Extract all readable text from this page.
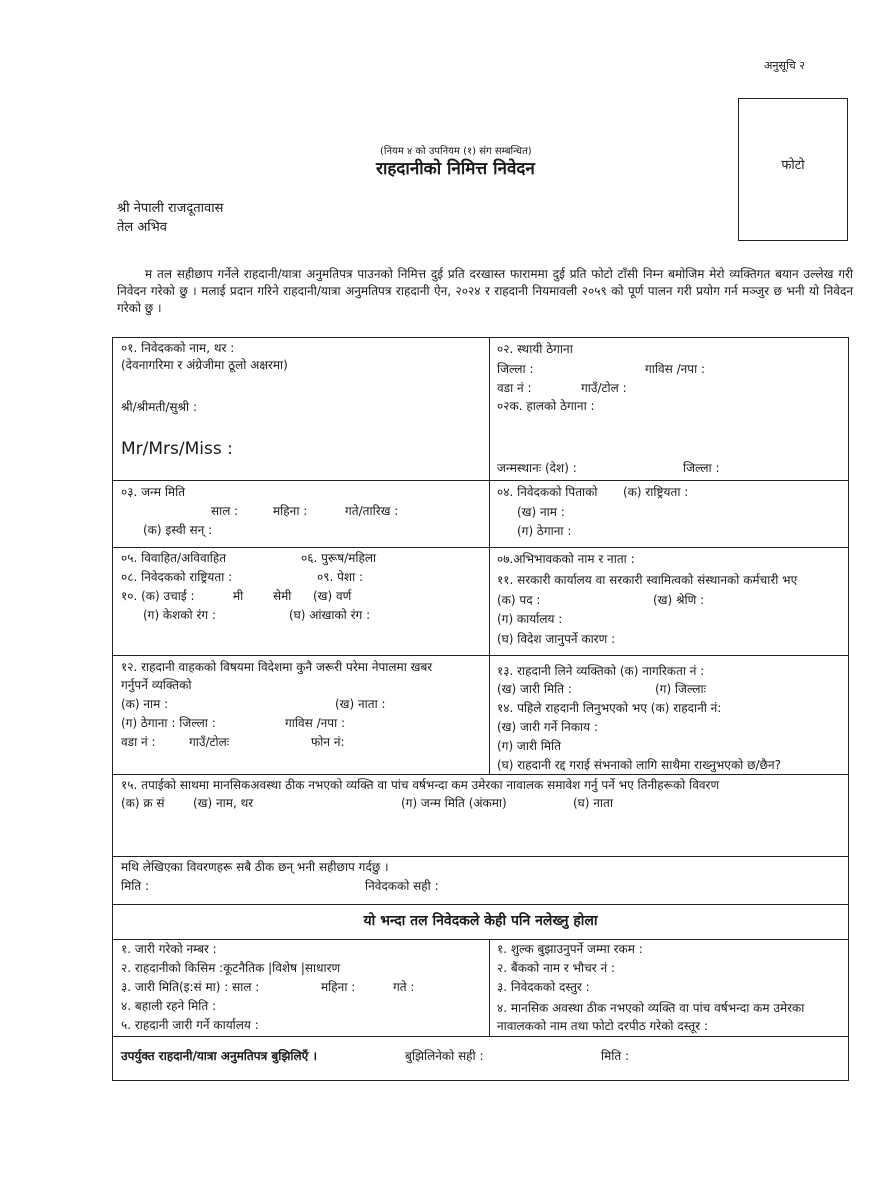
अनुसूचि २
फोटो
(नियम ४ को उपनियम (१) संग सम्बन्धित)
राहदानीको निमित्त निवेदन
श्री नेपाली राजदूतावास
तेल अभिव

म तल सहीछाप गर्नेले राहदानी/यात्रा अनुमतिपत्र पाउनको निमित्त दुई प्रति दरखास्त फाराममा दुई प्रति फोटो टाँसी निम्न बमोजिम मेरो व्यक्तिगत बयान उल्लेख गरी निवेदन गरेको छु । मलाई प्रदान गरिने राहदानी/यात्रा अनुमतिपत्र राहदानी ऐन, २०२४ र राहदानी नियमावली २०५९ को पूर्ण पालन गरी प्रयोग गर्न मञ्जुर छ भनी यो निवेदन गरेको छु ।

०१. निवेदकको नाम, थर :
(देवनागरिमा र अंग्रेजीमा ठूलो अक्षरमा)
श्री/श्रीमती/सुश्री :
Mr/Mrs/Miss :
०२. स्थायी ठेगाना
जिल्ला :	गाविस /नपा :
वडा नं :	गाउँ/टोल :
०२क. हालको ठेगाना :
जन्मस्थानः (देश) :	जिल्ला :
०३. जन्म मिति
साल :	महिना :	गते/तारिख :
(क) इस्वी सन् :
०४. निवेदकको पिताको (क) राष्ट्रियता :
(ख) नाम :
(ग) ठेगाना :
०५. विवाहित/अविवाहित	०६. पुरूष/महिला
०८. निवेदकको राष्ट्रियता :	०९. पेशा :
१०. (क) उचाई :	मी सेमी (ख) वर्ण
(ग) केशको रंग :	(घ) आंखाको रंग :
०७.अभिभावकको नाम र नाता :
११. सरकारी कार्यालय वा सरकारी स्वामित्वको संस्थानको कर्मचारी भए
(क) पद :	(ख) श्रेणि :
(ग) कार्यालय :
(घ) विदेश जानुपर्ने कारण :
१२. राहदानी वाहकको विषयमा विदेशमा कुनै जरूरी परेमा नेपालमा खबर
गर्नुपर्ने व्यक्तिको
(क) नाम :	(ख) नाता :
(ग) ठेगाना : जिल्ला :	गाविस /नपा :
वडा नं :	गाउँ/टोलः	फोन नं:
१३. राहदानी लिने व्यक्तिको (क) नागरिकता नं :
(ख) जारी मिति :	(ग) जिल्लाः
१४. पहिले राहदानी लिनुभएको भए (क) राहदानी नं:
(ख) जारी गर्ने निकाय :
(ग) जारी मिति
(घ) राहदानी रद्द गराई संभनाको लागि साथैमा राख्नुभएको छ/छैन?
१५. तपाईको साथमा मानसिकअवस्था ठीक नभएको व्यक्ति वा पांच वर्षभन्दा कम उमेरका नावालक समावेश गर्नु पर्ने भए तिनीहरूको विवरण
(क) क्र सं (ख) नाम, थर	(ग) जन्म मिति (अंकमा)	(घ) नाता
मथि लेखिएका विवरणहरू सबै ठीक छन् भनी सहीछाप गर्दछु ।
मिति :	निवेदकको सही :
यो भन्दा तल निवेदकले केही पनि नलेख्नु होला
१. जारी गरेको नम्बर :
२. राहदानीको किसिम :कूटनैतिक |विशेष |साधारण
३. जारी मिति(इ:सं मा) : साल :	महिना :	गते :
४. बहाली रहने मिति :
५. राहदानी जारी गर्ने कार्यालय :
१. शुल्क बुझाउनुपर्ने जम्मा रकम :
२. बैंकको नाम र भौचर नं :
३. निवेदकको दस्तुर :
४. मानसिक अवस्था ठीक नभएको व्यक्ति वा पांच वर्षभन्दा कम उमेरका
नावालकको नाम तथा फोटो दरपीठ गरेको दस्तूर :
उपर्युक्त राहदानी/यात्रा अनुमतिपत्र बुझिलिएँ ।	बुझिलिनेको सही :	मिति :
